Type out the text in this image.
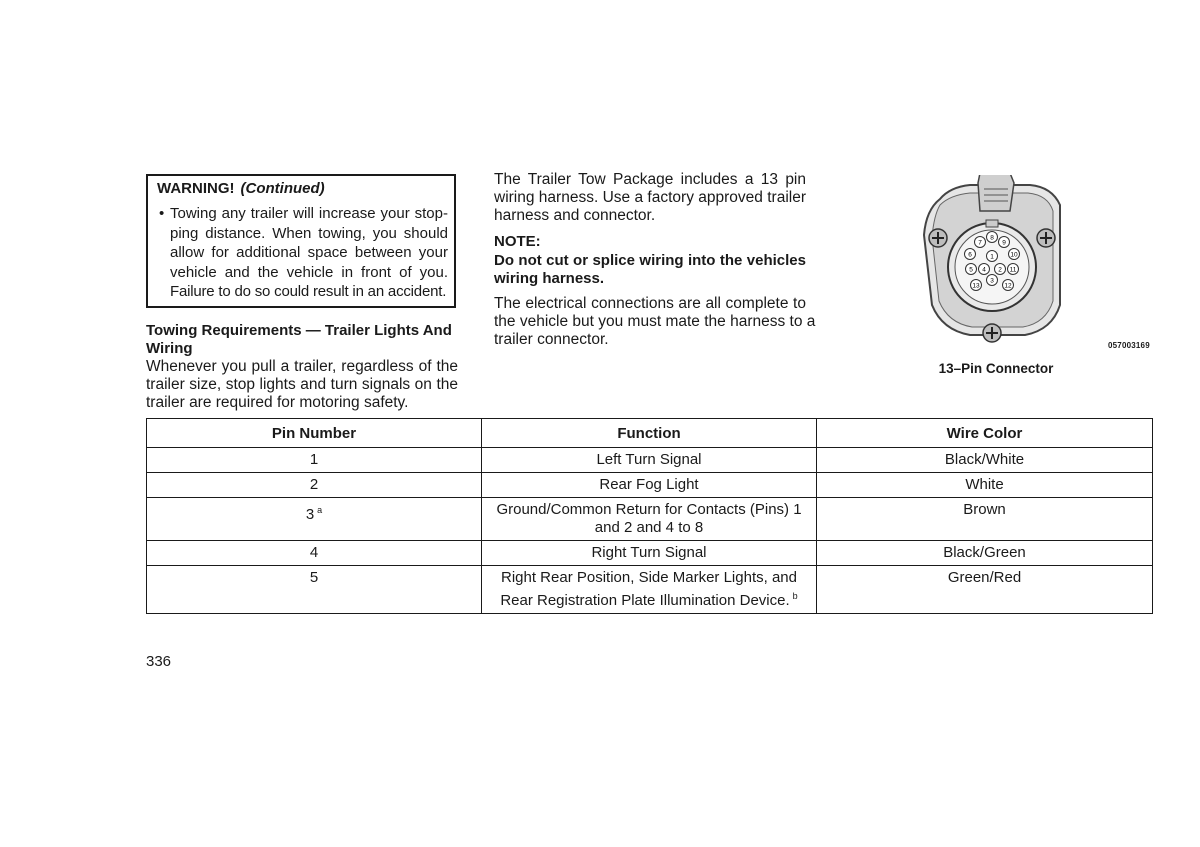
WARNING! (Continued)
• Towing any trailer will increase your stop-
ping distance. When towing, you should
allow for additional space between your
vehicle and the vehicle in front of you.
Failure to do so could result in an accident.
Towing Requirements — Trailer Lights And
Wiring
Whenever you pull a trailer, regardless of the
trailer size, stop lights and turn signals on the
trailer are required for motoring safety.
The Trailer Tow Package includes a 13 pin
wiring harness. Use a factory approved trailer
harness and connector.
NOTE:
Do not cut or splice wiring into the vehicles
wiring harness.
The electrical connections are all complete to
the vehicle but you must mate the harness to a
trailer connector.
1
2
3
4
5
6
7
8
9
10
11
12
13
057003169
13–Pin Connector
Pin Number	Function	Wire Color
1	Left Turn Signal	Black/White
2	Rear Fog Light	White
3 $^a$	Ground/Common Return for Contacts (Pins) 1
and 2 and 4 to 8	Brown
4	Right Turn Signal	Black/Green
5	Right Rear Position, Side Marker Lights, and
Rear Registration Plate Illumination Device. $^b$	Green/Red
336
